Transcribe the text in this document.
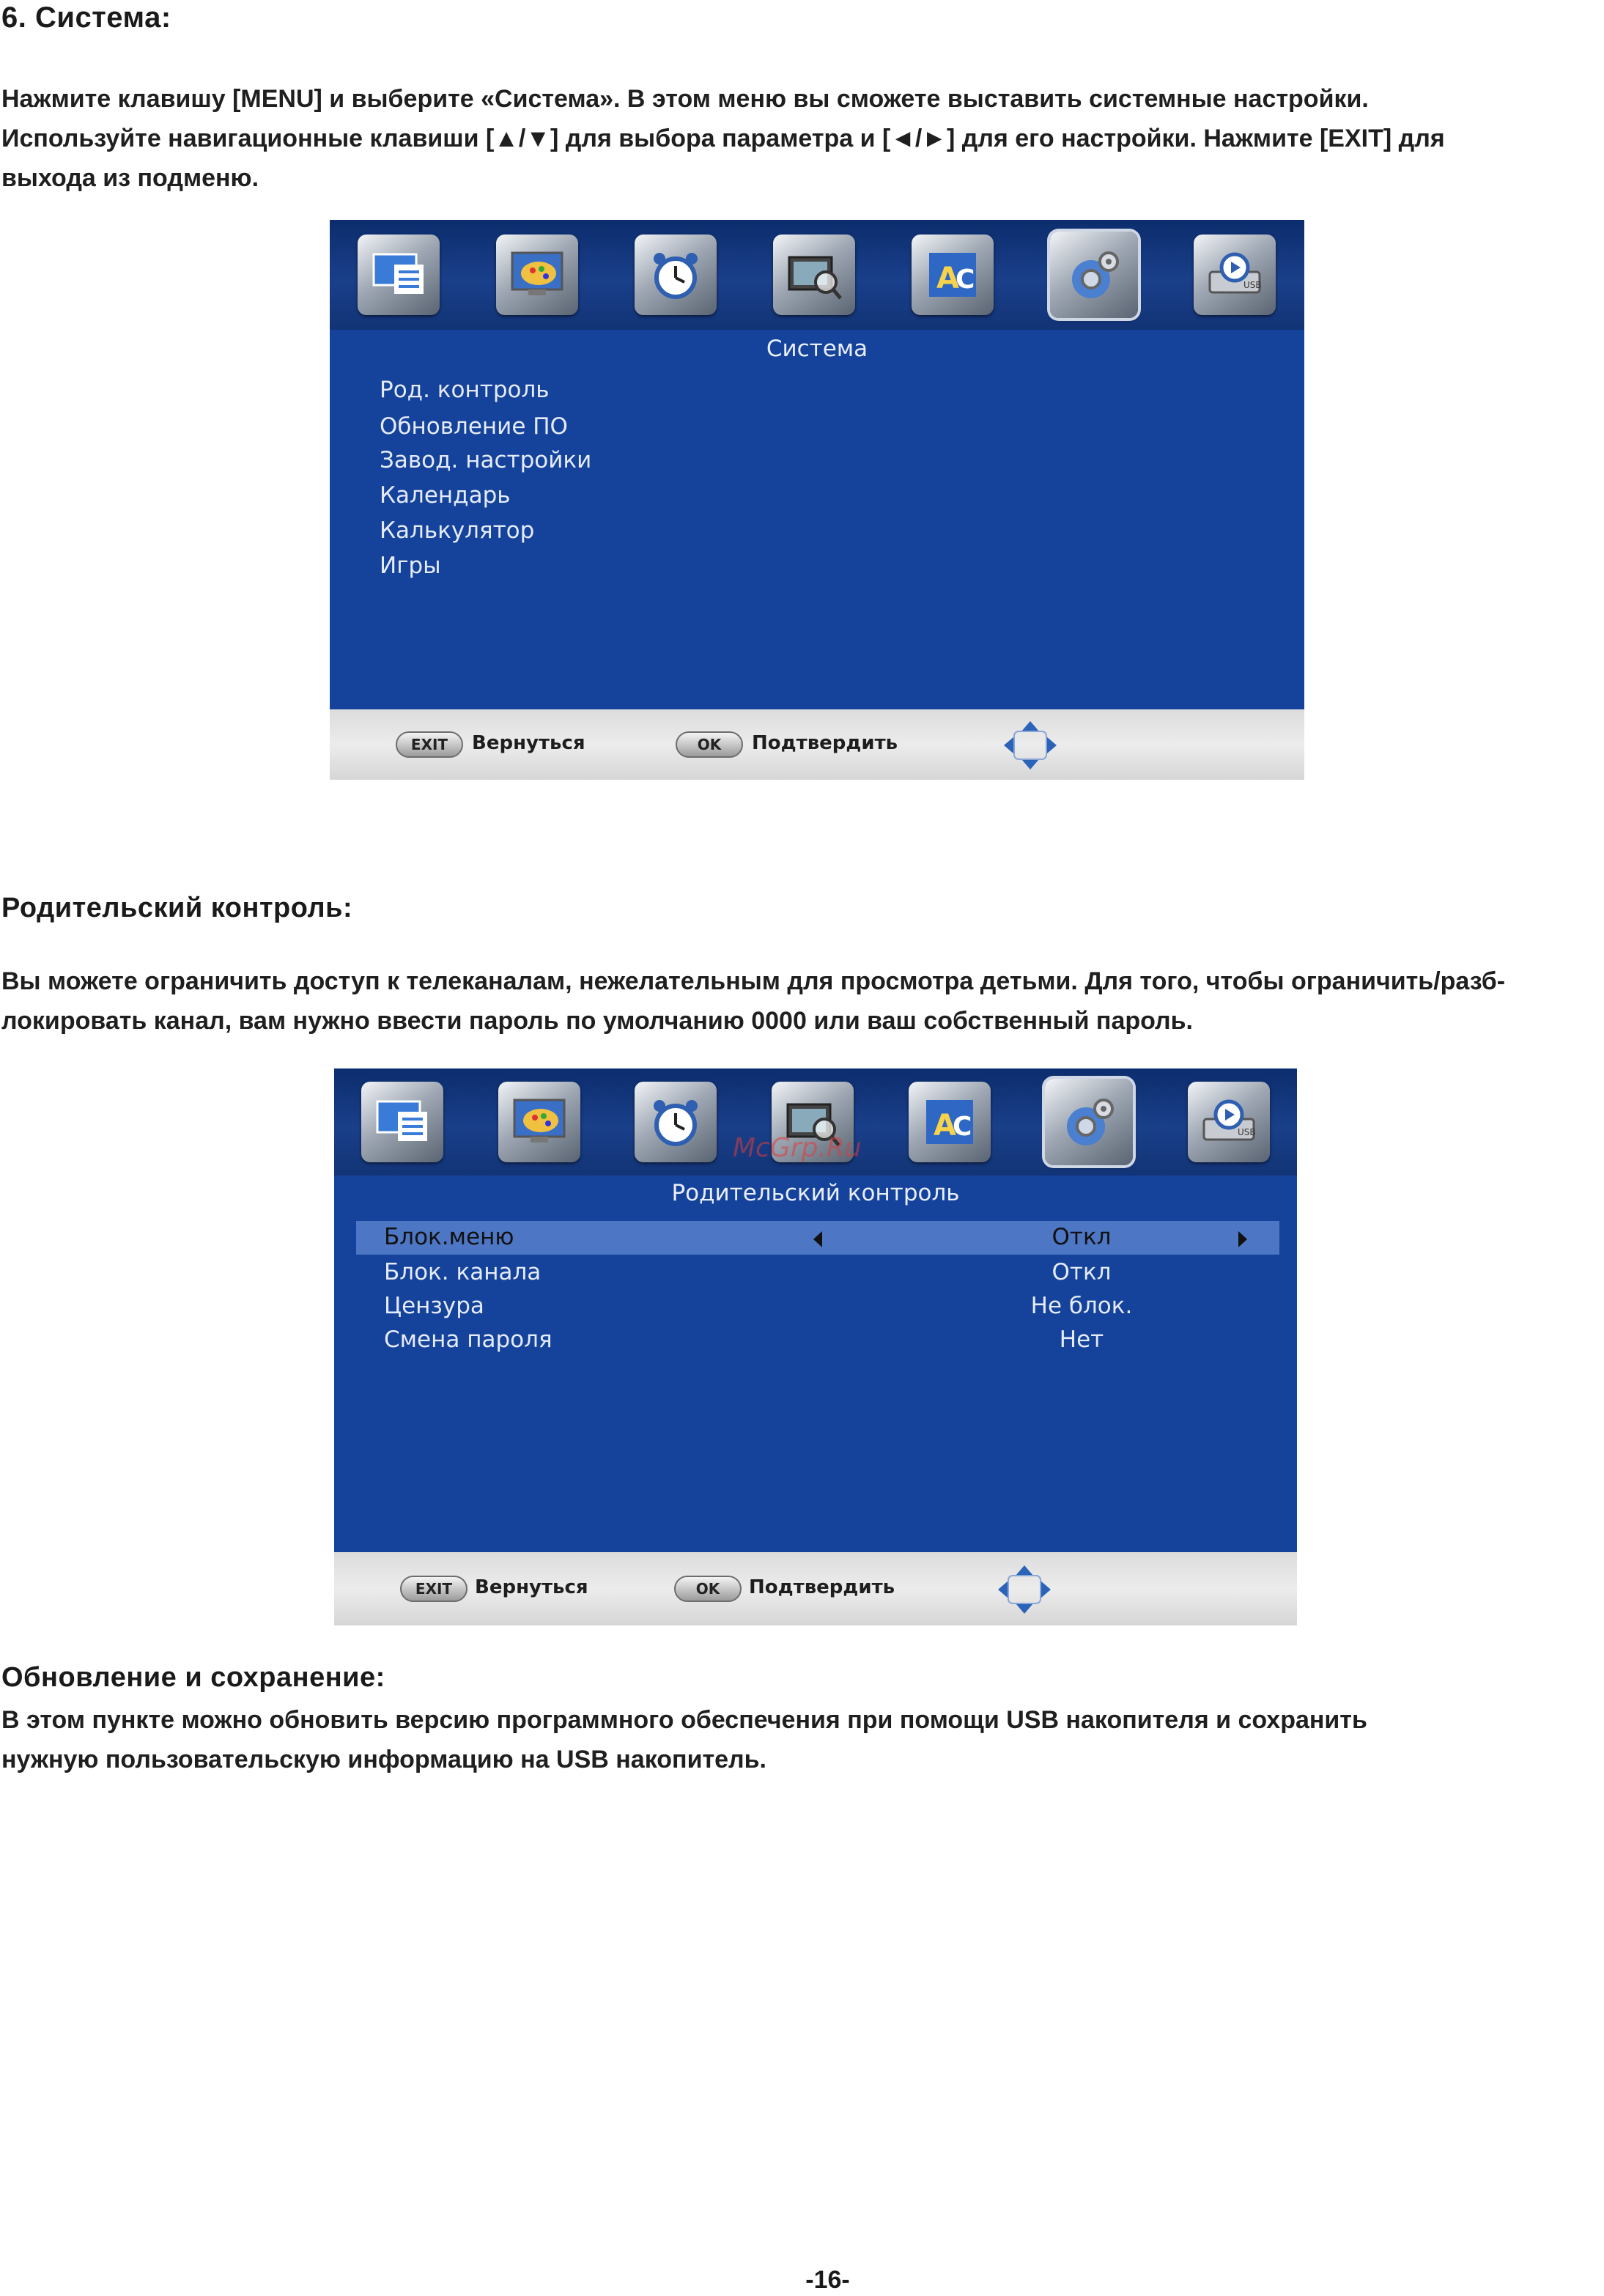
6. Система:
Нажмите клавишу [MENU] и выберите «Система». В этом меню вы сможете выставить системные настройки.
Используйте навигационные клавиши [▲/▼] для выбора параметра и [◄/►] для его настройки. Нажмите [EXIT] для
выхода из подменю.
A
C	USB
Система
Род. контроль
Обновление ПО
Завод. настройки
Календарь
Калькулятор
Игры
EXIT	Вернуться	OK	Подтвердить
Родительский контроль:
Вы можете ограничить доступ к телеканалам, нежелательным для просмотра детьми. Для того, чтобы ограничить/разб-
локировать канал, вам нужно ввести пароль по умолчанию 0000 или ваш собственный пароль.
A
C	USB
McGrp.Ru
Родительский контроль
Блок.меню	Откл
Блок. канала	Откл
Цензура	Не блок.
Смена пароля	Нет
EXIT	Вернуться	OK	Подтвердить
Обновление и сохранение:
В этом пункте можно обновить версию программного обеспечения при помощи USB накопителя и сохранить
нужную пользовательскую информацию на USB накопитель.
-16-
